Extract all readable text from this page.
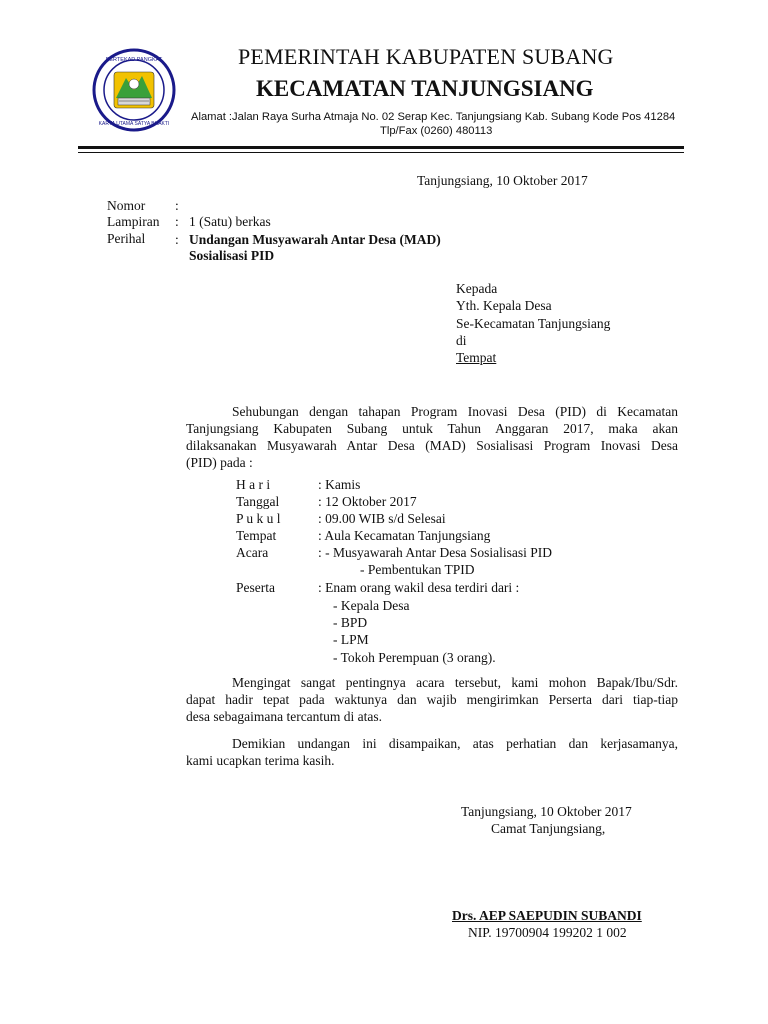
BERTEKAD PANGKAT
KARYA UTAMA SATYA BHAKTI
PEMERINTAH KABUPATEN SUBANG
KECAMATAN TANJUNGSIANG
Alamat :Jalan Raya Surha Atmaja No. 02 Serap Kec. Tanjungsiang Kab. Subang Kode Pos 41284
Tlp/Fax (0260) 480113
Tanjungsiang, 10 Oktober 2017
Nomor :
Lampiran : 1 (Satu) berkas
Perihal : Undangan Musyawarah Antar Desa (MAD)
Sosialisasi PID
Kepada
Yth. Kepala Desa
Se-Kecamatan Tanjungsiang
di
Tempat
Sehubungan dengan tahapan Program Inovasi Desa (PID) di Kecamatan
Tanjungsiang Kabupaten Subang untuk Tahun Anggaran 2017, maka akan
dilaksanakan Musyawarah Antar Desa (MAD) Sosialisasi Program Inovasi Desa
(PID) pada :
H a r i	: Kamis
Tanggal	: 12 Oktober 2017
P u k u l	: 09.00 WIB s/d Selesai
Tempat	: Aula Kecamatan Tanjungsiang
Acara	: - Musyawarah Antar Desa Sosialisasi PID
- Pembentukan TPID
Peserta	: Enam orang wakil desa terdiri dari :
- Kepala Desa
- BPD
- LPM
- Tokoh Perempuan (3 orang).
Mengingat sangat pentingnya acara tersebut, kami mohon Bapak/Ibu/Sdr.
dapat hadir tepat pada waktunya dan wajib mengirimkan Perserta dari tiap-tiap
desa sebagaimana tercantum di atas.
Demikian undangan ini disampaikan, atas perhatian dan kerjasamanya,
kami ucapkan terima kasih.
Tanjungsiang, 10 Oktober 2017
Camat Tanjungsiang,
Drs. AEP SAEPUDIN SUBANDI
NIP. 19700904 199202 1 002
